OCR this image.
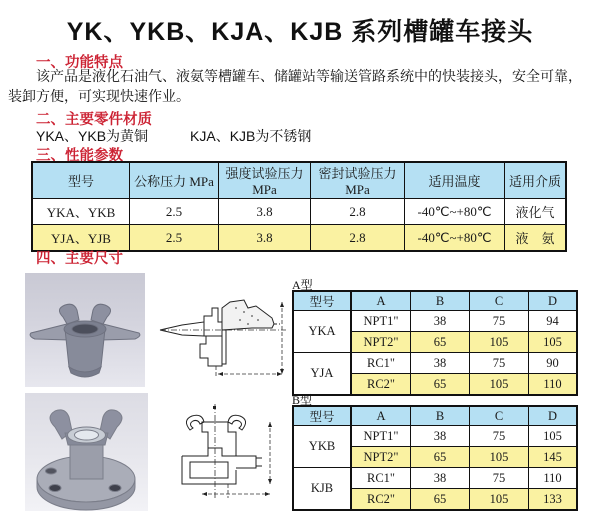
YK、YKB、KJA、KJB 系列槽罐车接头
一、功能特点
该产品是液化石油气、液氨等槽罐车、储罐站等输送管路系统中的快装接头，安全可靠，装卸方便，可实现快速作业。
二、主要零件材质
YKA、YKB为黄铜　　　KJA、KJB为不锈钢
三、性能参数
型号	公称压力 MPa	强度试验压力MPa	密封试验压力MPa	适用温度	适用介质
YKA、YKB	2.5	3.8	2.8	-40℃~+80℃	液化气
YJA、YJB	2.5	3.8	2.8	-40℃~+80℃	液　氨
四、主要尺寸
A型
型号	A	B	C	D
YKA	NPT1"	38	75	94
	NPT2"	65	105	105
YJA	RC1"	38	75	90
	RC2"	65	105	110
B型
型号	A	B	C	D
YKB	NPT1"	38	75	105
	NPT2"	65	105	145
KJB	RC1"	38	75	110
	RC2"	65	105	133
